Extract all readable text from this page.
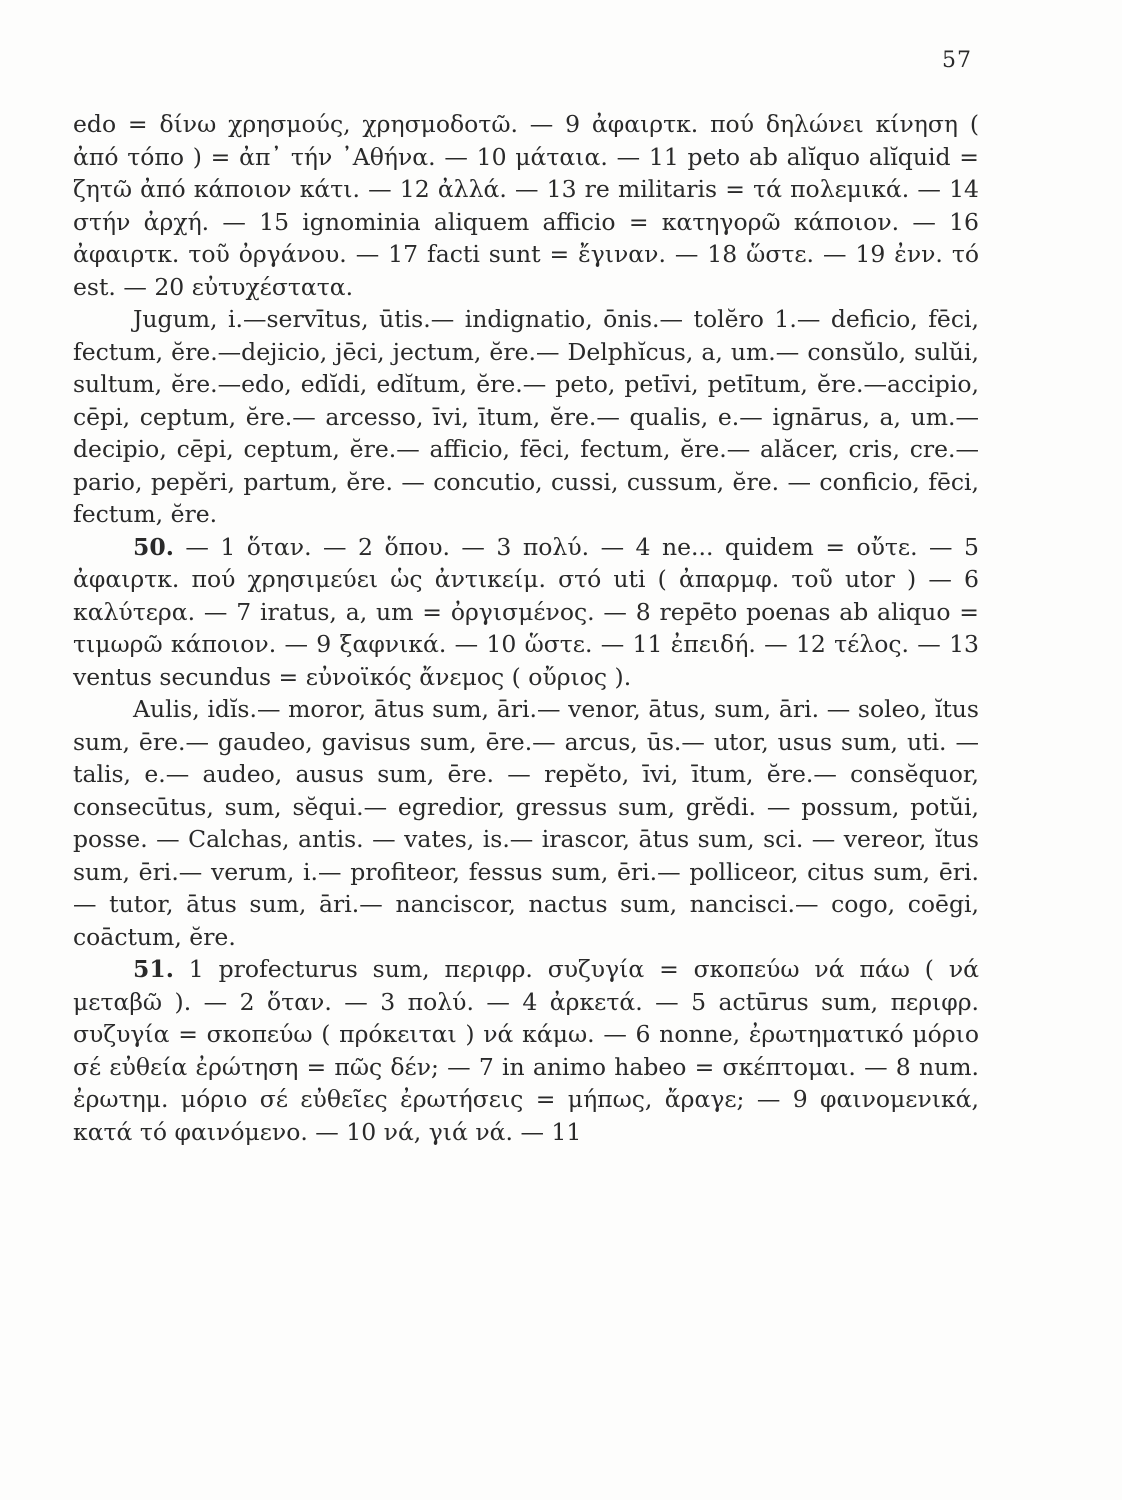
57

edo = δίνω χρησμούς, χρησμοδοτῶ. — 9 ἀφαιρτκ. πού δηλώνει κίνηση ( ἀπό τόπο ) = ἀπ᾽ τήν ᾽Αθήνα. — 10 μάταια. — 11 peto ab alĭquo alĭquid = ζητῶ ἀπό κάποιον κάτι. — 12 ἀλλά. — 13 re militaris = τά πολεμικά. — 14 στήν ἀρχή. — 15 ignominia aliquem afficio = κατηγορῶ κάποιον. — 16 ἀφαιρτκ. τοῦ ὀργάνου. — 17 facti sunt = ἔγιναν. — 18 ὥστε. — 19 ἐνν. τό est. — 20 εὐτυχέστατα.

Jugum, i.—servītus, ūtis.— indignatio, ōnis.— tolĕro 1.— deficio, fēci, fectum, ĕre.—dejicio, jēci, jectum, ĕre.— Delphĭcus, a, um.— consŭlo, sulŭi, sultum, ĕre.—edo, edĭdi, edĭtum, ĕre.— peto, petīvi, petītum, ĕre.—accipio, cēpi, ceptum, ĕre.— arcesso, īvi, ītum, ĕre.— qualis, e.— ignārus, a, um.— decipio, cēpi, ceptum, ĕre.— afficio, fēci, fectum, ĕre.— alăcer, cris, cre.— pario, pepĕri, partum, ĕre. — concutio, cussi, cussum, ĕre. — conficio, fēci, fectum, ĕre.

50. — 1 ὅταν. — 2 ὅπου. — 3 πολύ. — 4 ne... quidem = οὔτε. — 5 ἀφαιρτκ. πού χρησιμεύει ὡς ἀντικείμ. στό uti ( ἀπαρμφ. τοῦ utor ) — 6 καλύτερα. — 7 iratus, a, um = ὀργισμένος. — 8 repēto poenas ab aliquo = τιμωρῶ κάποιον. — 9 ξαφνικά. — 10 ὥστε. — 11 ἐπειδή. — 12 τέλος. — 13 ventus secundus = εὐνοϊκός ἄνεμος ( οὔριος ).

Aulis, idĭs.— moror, ātus sum, āri.— venor, ātus, sum, āri. — soleo, ĭtus sum, ēre.— gaudeo, gavisus sum, ēre.— arcus, ūs.— utor, usus sum, uti. — talis, e.— audeo, ausus sum, ēre. — repĕto, īvi, ītum, ĕre.— consĕquor, consecūtus, sum, sĕqui.— egredior, gressus sum, grĕdi. — possum, potŭi, posse. — Calchas, antis. — vates, is.— irascor, ātus sum, sci. — vereor, ĭtus sum, ēri.— verum, i.— profiteor, fessus sum, ēri.— polliceor, citus sum, ēri.— tutor, ātus sum, āri.— nanciscor, nactus sum, nancisci.— cogo, coēgi, coāctum, ĕre.

51. 1 profecturus sum, περιφρ. συζυγία = σκοπεύω νά πάω ( νά μεταβῶ ). — 2 ὅταν. — 3 πολύ. — 4 ἀρκετά. — 5 actūrus sum, περιφρ. συζυγία = σκοπεύω ( πρόκειται ) νά κάμω. — 6 nonne, ἐρωτηματικό μόριο σέ εὐθεία ἐρώτηση = πῶς δέν; — 7 in animo habeo = σκέπτομαι. — 8 num. ἐρωτημ. μόριο σέ εὐθεῖες ἐρωτήσεις = μήπως, ἄραγε; — 9 φαινομενικά, κατά τό φαινόμενο. — 10 νά, γιά νά. — 11
